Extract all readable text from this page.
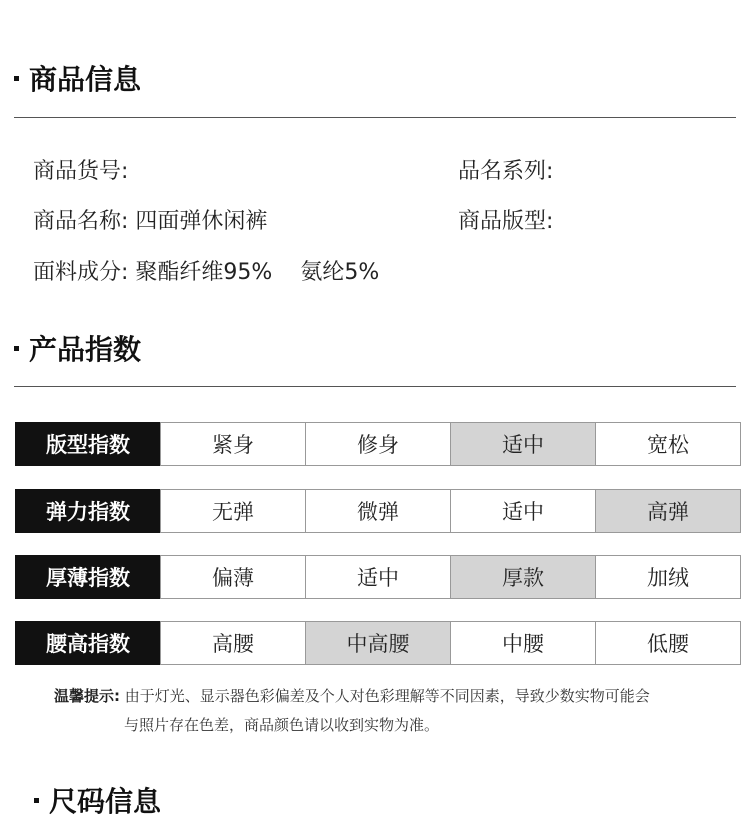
商品信息
商品货号:	品名系列:
商品名称: 四面弹休闲裤	商品版型:
面料成分: 聚酯纤维95% 氨纶5%
产品指数
版型指数	紧身	修身	适中	宽松
弹力指数	无弹	微弹	适中	高弹
厚薄指数	偏薄	适中	厚款	加绒
腰高指数	高腰	中高腰	中腰	低腰
温馨提示: 由于灯光、显示器色彩偏差及个人对色彩理解等不同因素，导致少数实物可能会
与照片存在色差，商品颜色请以收到实物为准。
尺码信息
